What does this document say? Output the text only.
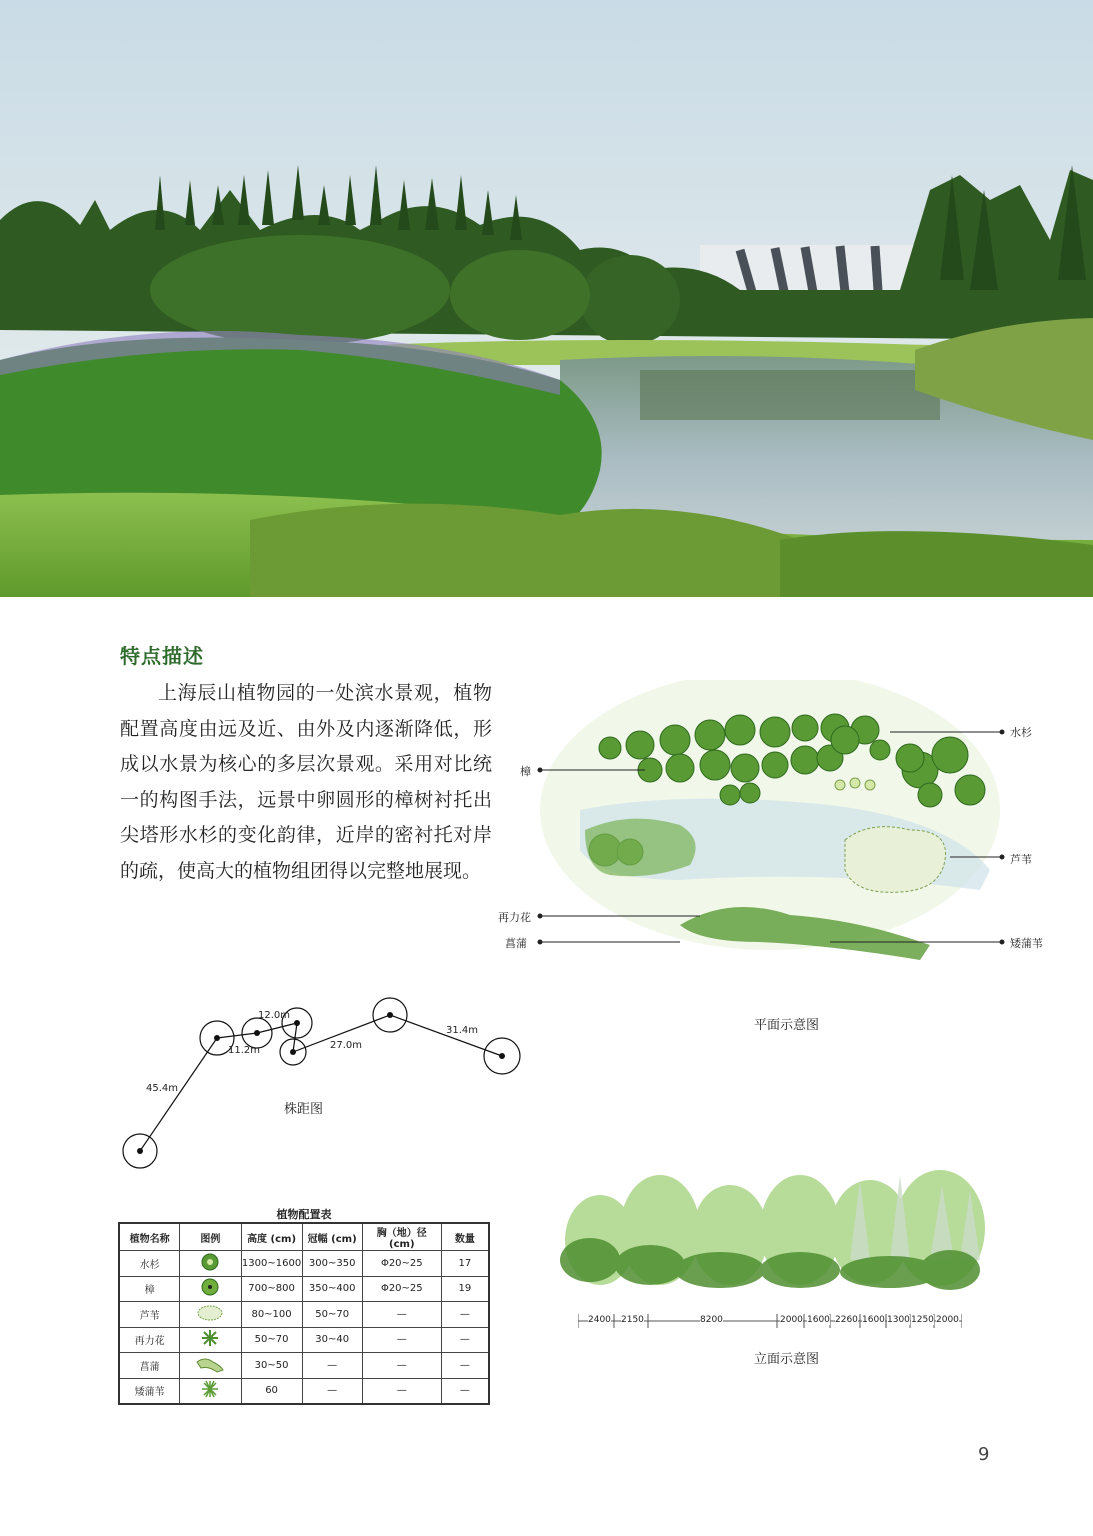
特点描述

上海辰山植物园的一处滨水景观，植物配置高度由远及近、由外及内逐渐降低，形成以水景为核心的多层次景观。采用对比统一的构图手法，远景中卵圆形的樟树衬托出尖塔形水杉的变化韵律，近岸的密衬托对岸的疏，使高大的植物组团得以完整地展现。

水杉
樟
芦苇
再力花
菖蒲	矮蒲苇
平面示意图
45.4m
11.2m
12.0m
27.0m
31.4m
株距图
2400 2150	8200	2000 1600 2260 1600 1300 1250 2000
立面示意图
植物配置表
植物名称	图例	高度 (cm)	冠幅 (cm)	胸（地）径 (cm)	数量
水杉		1300~1600	300~350	Φ20~25	17
樟		700~800	350~400	Φ20~25	19
芦苇		80~100	50~70	—	—
再力花		50~70	30~40	—	—
菖蒲		30~50	—	—	—
矮蒲苇		60	—	—	—
9
